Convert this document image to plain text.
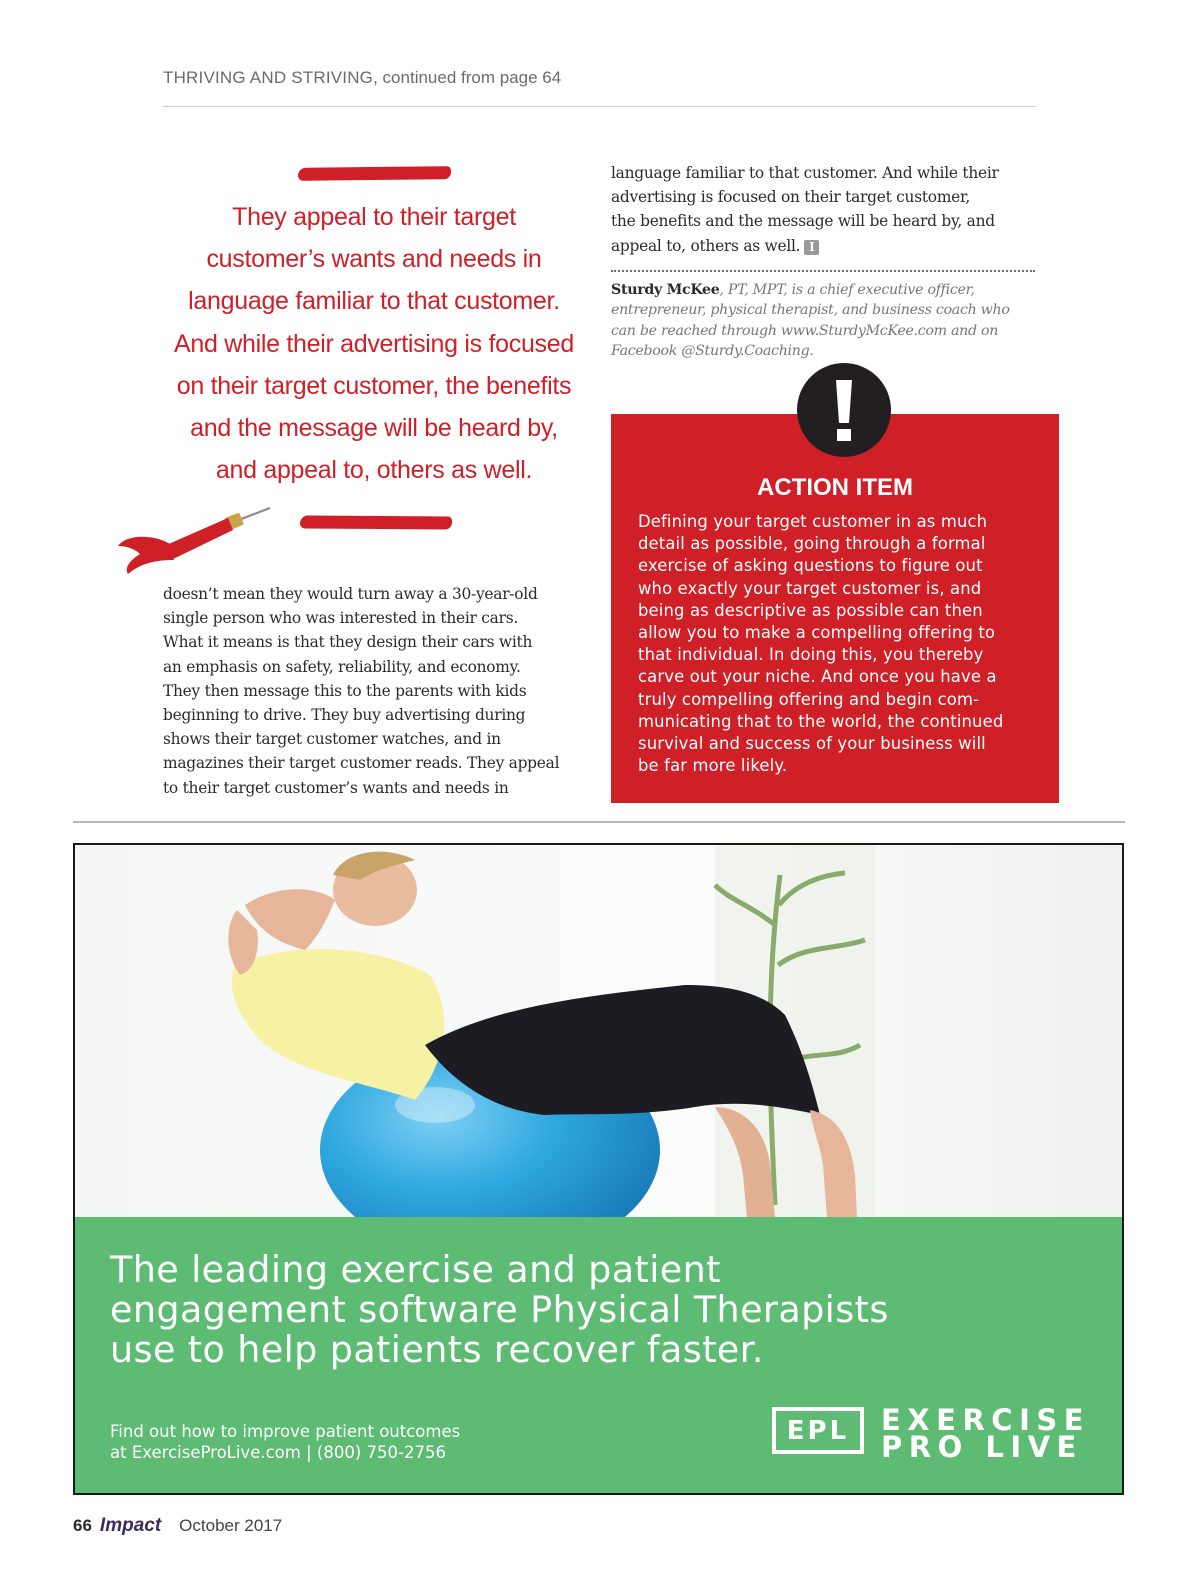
THRIVING AND STRIVING, continued from page 64
They appeal to their target
customer’s wants and needs in
language familiar to that customer.
And while their advertising is focused
on their target customer, the benefits
and the message will be heard by,
and appeal to, others as well.
doesn’t mean they would turn away a 30-year-old
single person who was interested in their cars.
What it means is that they design their cars with
an emphasis on safety, reliability, and economy.
They then message this to the parents with kids
beginning to drive. They buy advertising during
shows their target customer watches, and in
magazines their target customer reads. They appeal
to their target customer’s wants and needs in
language familiar to that customer. And while their
advertising is focused on their target customer,
the benefits and the message will be heard by, and
appeal to, others as well. I
Sturdy McKee, PT, MPT, is a chief executive officer,
entrepreneur, physical therapist, and business coach who
can be reached through www.SturdyMcKee.com and on
Facebook @Sturdy.Coaching.
ACTION ITEM
Defining your target customer in as much
detail as possible, going through a formal
exercise of asking questions to figure out
who exactly your target customer is, and
being as descriptive as possible can then
allow you to make a compelling offering to
that individual. In doing this, you thereby
carve out your niche. And once you have a
truly compelling offering and begin com-
municating that to the world, the continued
survival and success of your business will
be far more likely.
The leading exercise and patient
engagement software Physical Therapists
use to help patients recover faster.
Find out how to improve patient outcomes
at ExerciseProLive.com | (800) 750-2756
EPL	EXERCISE
PRO LIVE
66 Impact October 2017
